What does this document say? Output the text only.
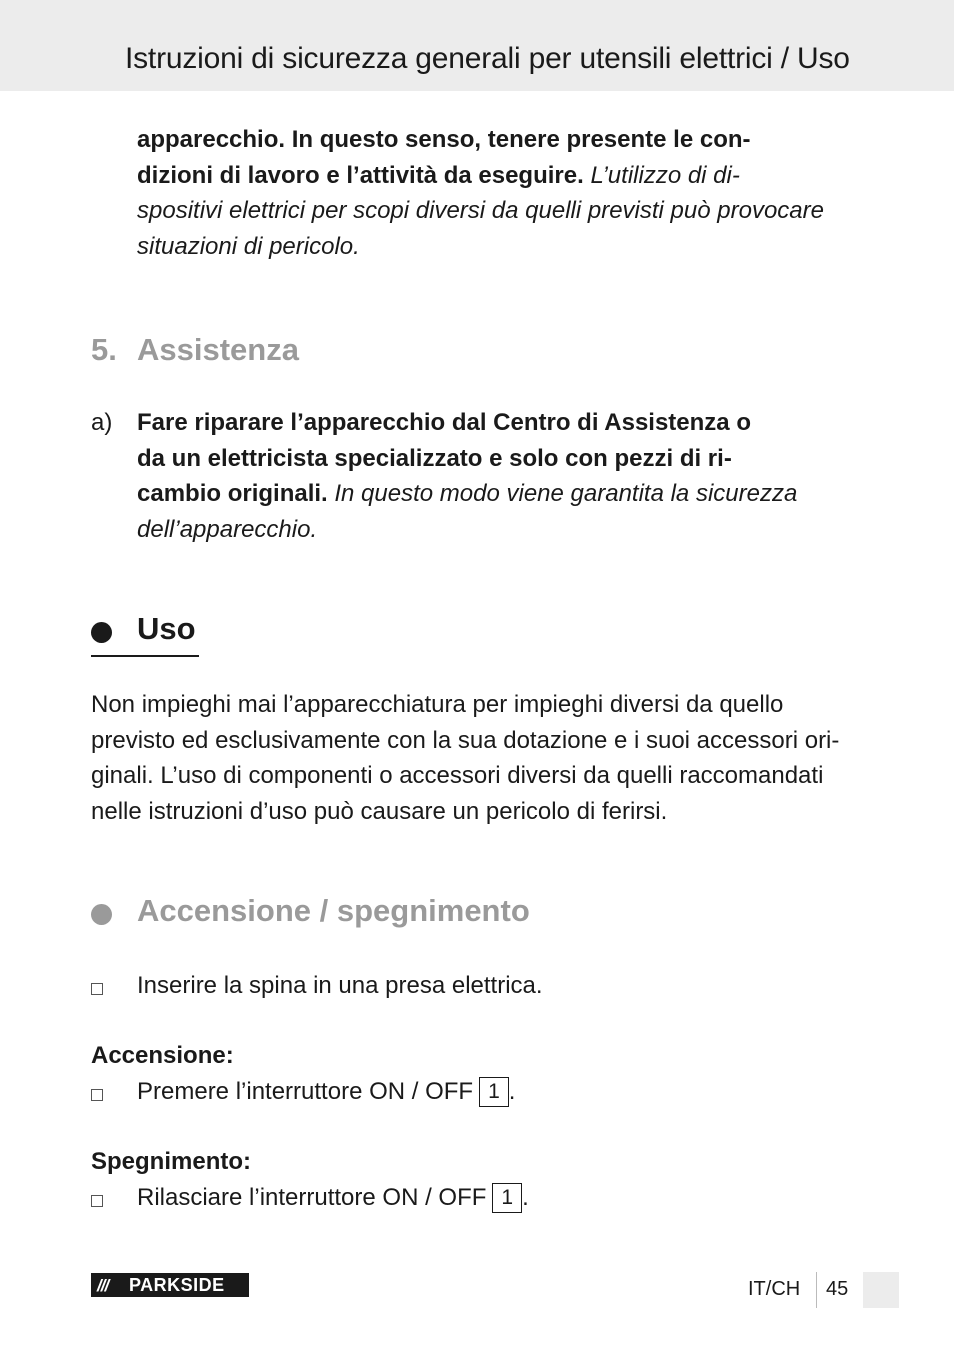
Istruzioni di sicurezza generali per utensili elettrici / Uso
apparecchio. In questo senso, tenere presente le con-
dizioni di lavoro e l’attività da eseguire. L’utilizzo di di-
spositivi elettrici per scopi diversi da quelli previsti può provocare
situazioni di pericolo.
5. Assistenza
a) Fare riparare l’apparecchio dal Centro di Assistenza o
da un elettricista specializzato e solo con pezzi di ri-
cambio originali. In questo modo viene garantita la sicurezza
dell’apparecchio.
Uso
Non impieghi mai l’apparecchiatura per impieghi diversi da quello
previsto ed esclusivamente con la sua dotazione e i suoi accessori ori-
ginali. L’uso di componenti o accessori diversi da quelli raccomandati
nelle istruzioni d’uso può causare un pericolo di ferirsi.
Accensione / spegnimento
Inserire la spina in una presa elettrica.
Accensione:
Premere l’interruttore ON / OFF 1 .
Spegnimento:
Rilasciare l’interruttore ON / OFF 1 .
/// PARKSIDE	IT/CH 45
